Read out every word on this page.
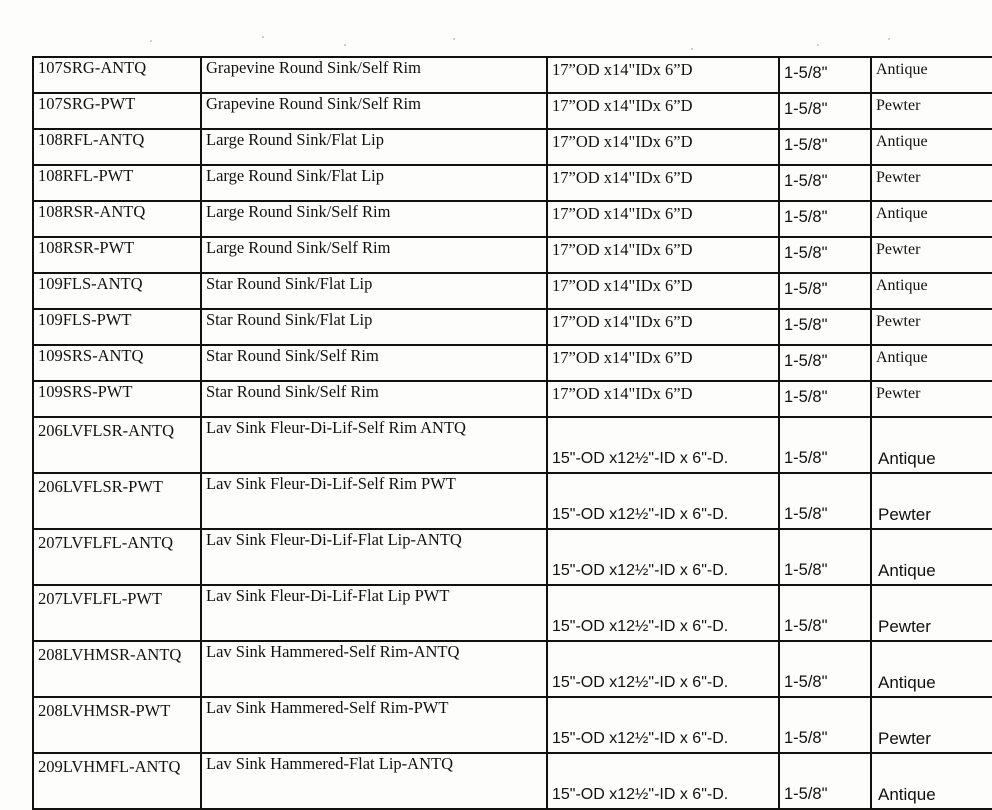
107SRG-ANTQ	Grapevine Round Sink/Self Rim	17”OD x14"IDx 6”D	1-5/8"	Antique
107SRG-PWT	Grapevine Round Sink/Self Rim	17”OD x14"IDx 6”D	1-5/8"	Pewter
108RFL-ANTQ	Large Round Sink/Flat Lip	17”OD x14"IDx 6”D	1-5/8"	Antique
108RFL-PWT	Large Round Sink/Flat Lip	17”OD x14"IDx 6”D	1-5/8"	Pewter
108RSR-ANTQ	Large Round Sink/Self Rim	17”OD x14"IDx 6”D	1-5/8"	Antique
108RSR-PWT	Large Round Sink/Self Rim	17”OD x14"IDx 6”D	1-5/8"	Pewter
109FLS-ANTQ	Star Round Sink/Flat Lip	17”OD x14"IDx 6”D	1-5/8"	Antique
109FLS-PWT	Star Round Sink/Flat Lip	17”OD x14"IDx 6”D	1-5/8"	Pewter
109SRS-ANTQ	Star Round Sink/Self Rim	17”OD x14"IDx 6”D	1-5/8"	Antique
109SRS-PWT	Star Round Sink/Self Rim	17”OD x14"IDx 6”D	1-5/8"	Pewter
206LVFLSR-ANTQ	Lav Sink Fleur-Di-Lif-Self Rim ANTQ	15"-OD x12½"-ID x 6"-D.	1-5/8"	Antique
206LVFLSR-PWT	Lav Sink Fleur-Di-Lif-Self Rim PWT	15"-OD x12½"-ID x 6"-D.	1-5/8"	Pewter
207LVFLFL-ANTQ	Lav Sink Fleur-Di-Lif-Flat Lip-ANTQ	15"-OD x12½"-ID x 6"-D.	1-5/8"	Antique
207LVFLFL-PWT	Lav Sink Fleur-Di-Lif-Flat Lip PWT	15"-OD x12½"-ID x 6"-D.	1-5/8"	Pewter
208LVHMSR-ANTQ	Lav Sink Hammered-Self Rim-ANTQ	15"-OD x12½"-ID x 6"-D.	1-5/8"	Antique
208LVHMSR-PWT	Lav Sink Hammered-Self Rim-PWT	15"-OD x12½"-ID x 6"-D.	1-5/8"	Pewter
209LVHMFL-ANTQ	Lav Sink Hammered-Flat Lip-ANTQ	15"-OD x12½"-ID x 6"-D.	1-5/8"	Antique
